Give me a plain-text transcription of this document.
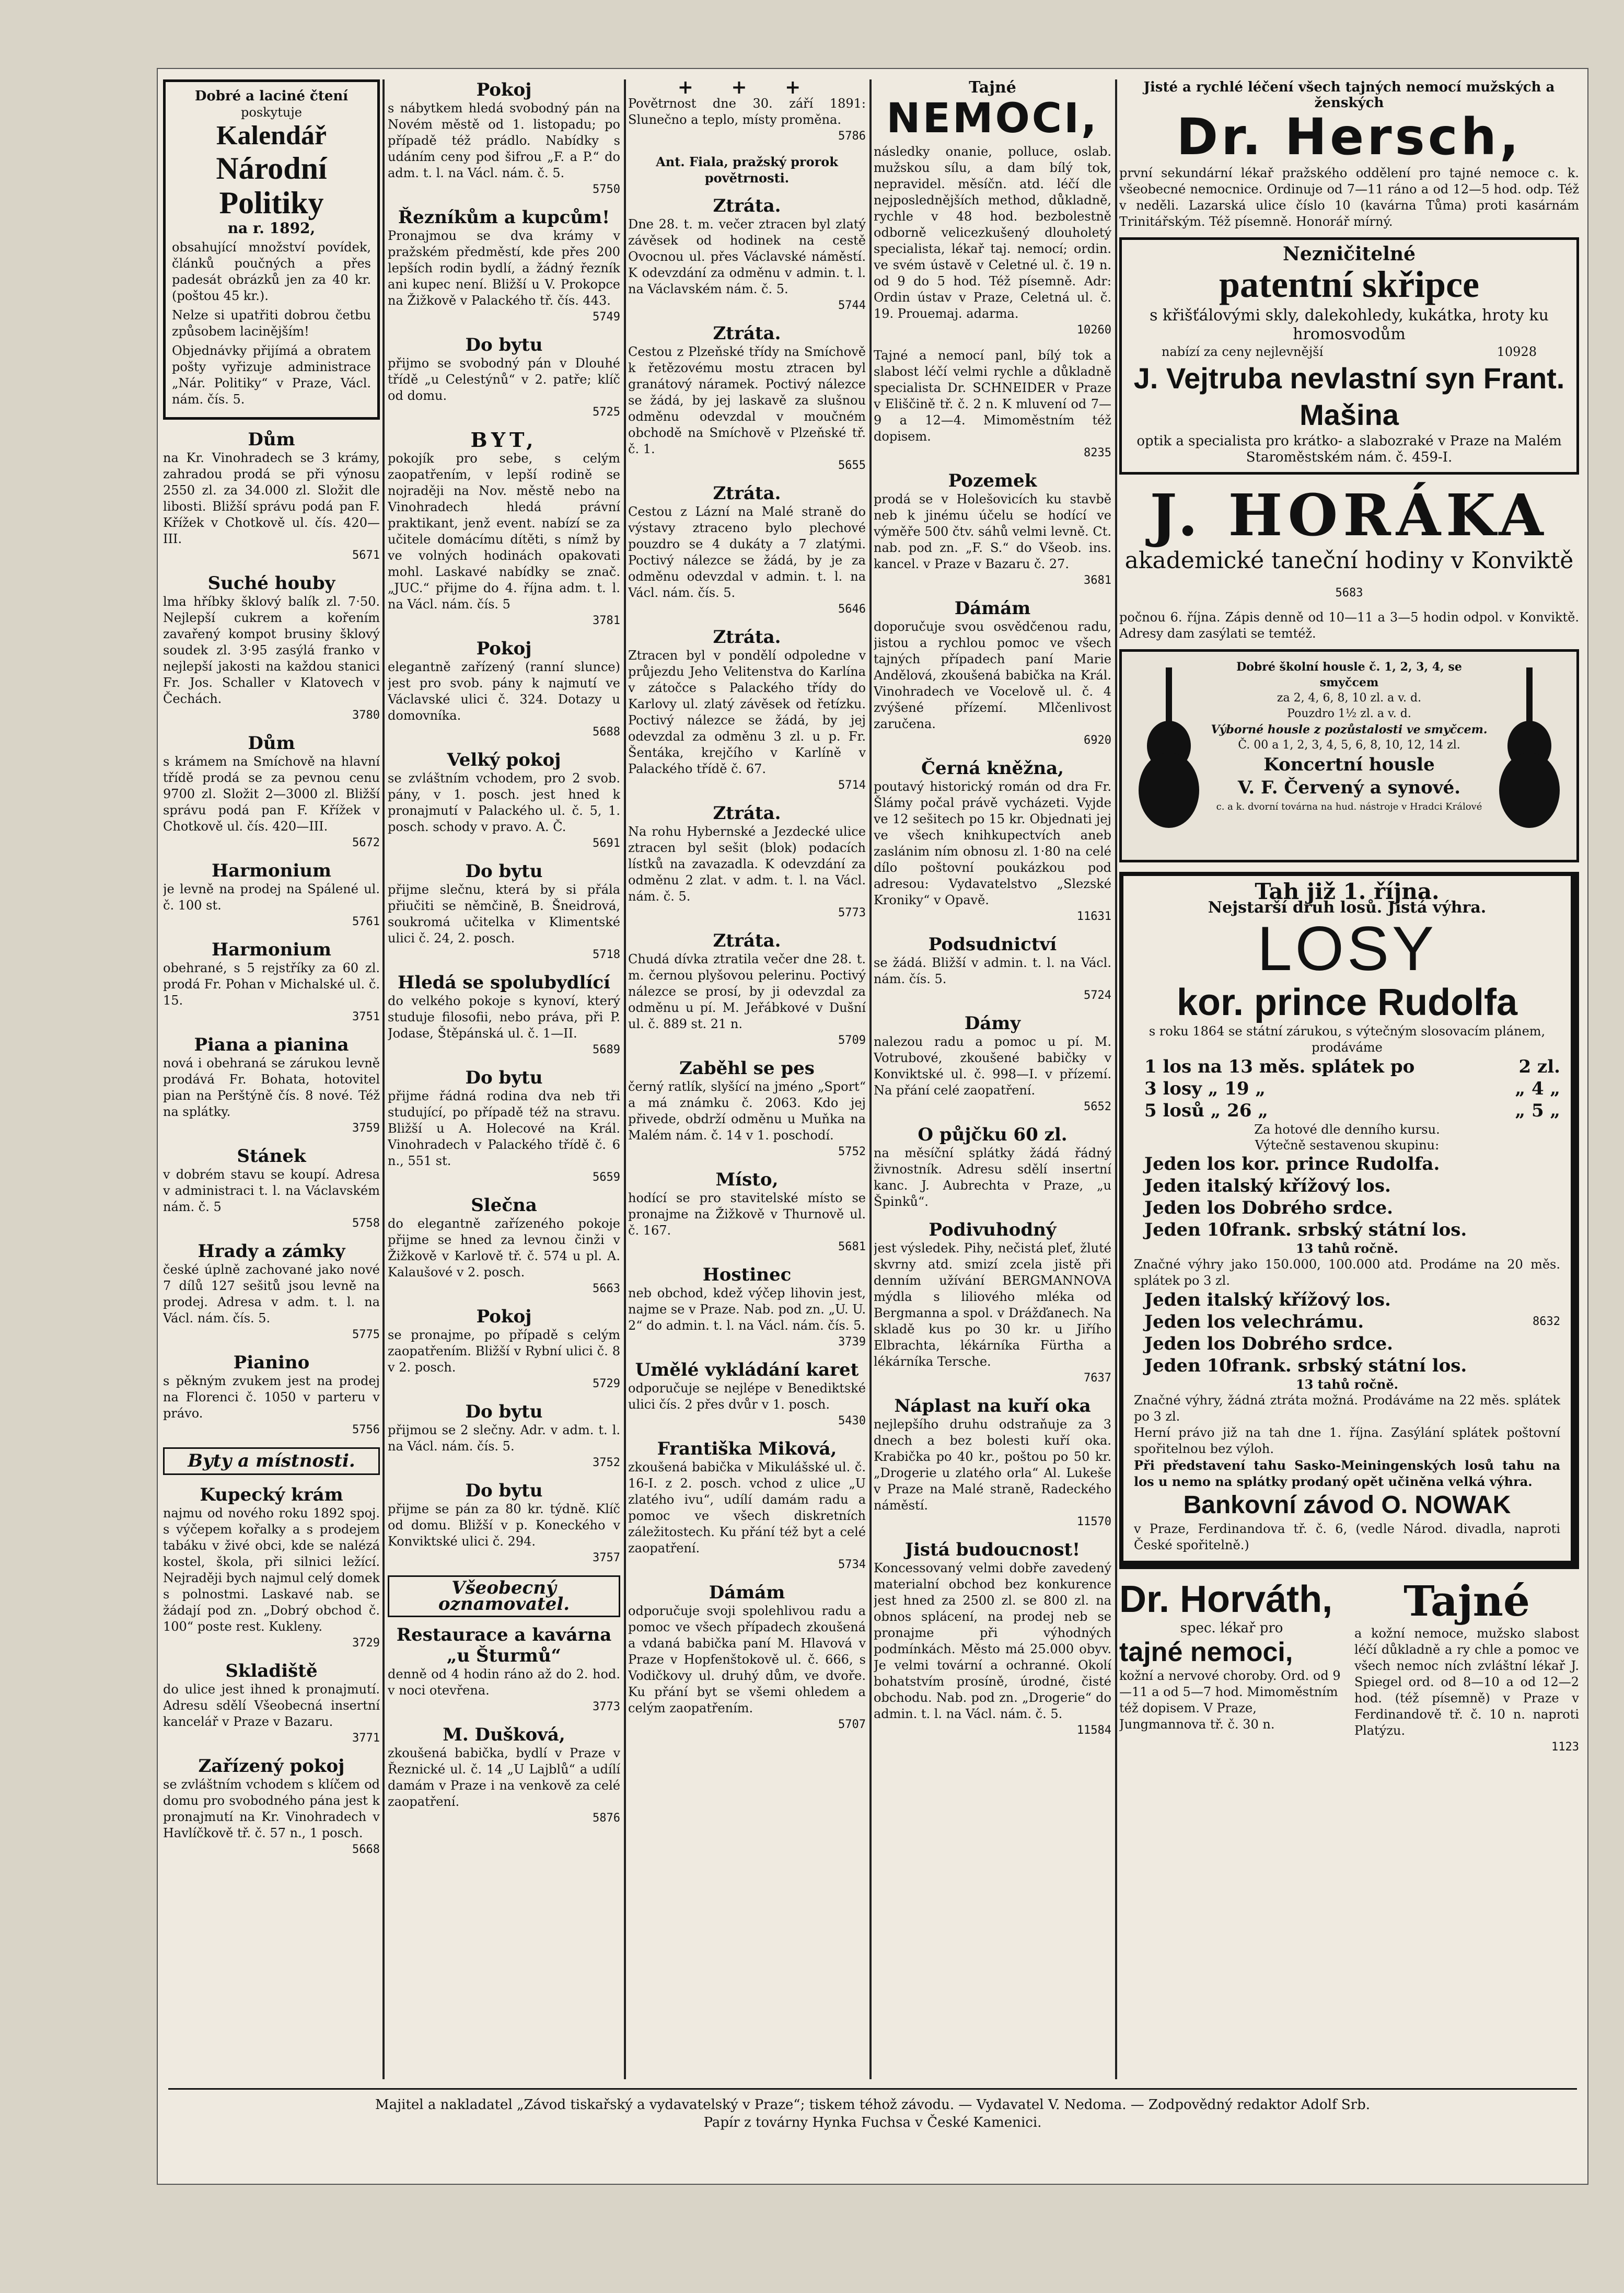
Dobré a laciné čtení
poskytuje
Kalendář
Národní Politiky
na r. 1892,

obsahující množství povídek, článků poučných a přes padesát obrázků jen za 40 kr. (poštou 45 kr.).

Nelze si upatřiti dobrou četbu způsobem lacinějším!

Objednávky přijímá a obratem pošty vyřizuje administrace „Nár. Politiky“ v Praze, Václ. nám. čís. 5.

Dům
na Kr. Vinohradech se 3 krámy, zahradou prodá se při výnosu 2550 zl. za 34.000 zl. Složit dle libosti. Bližší správu podá pan F. Křížek v Chotkově ul. čís. 420—III.
5671
Suché houby
lma hříbky šklový balík zl. 7·50. Nejlepší cukrem a kořením zavařený kompot brusiny šklový soudek zl. 3·95 zasýlá franko v nejlepší jakosti na každou stanici Fr. Jos. Schaller v Klatovech v Čechách.
3780
Dům
s krámem na Smíchově na hlavní třídě prodá se za pevnou cenu 9700 zl. Složit 2—3000 zl. Bližší správu podá pan F. Křížek v Chotkově ul. čís. 420—III.
5672
Harmonium
je levně na prodej na Spálené ul. č. 100 st.
5761
Harmonium
obehrané, s 5 rejstříky za 60 zl. prodá Fr. Pohan v Michalské ul. č. 15.
3751
Piana a pianina
nová i obehraná se zárukou levně prodává Fr. Bohata, hotovitel pian na Perštýně čís. 8 nové. Též na splátky.
3759
Stánek
v dobrém stavu se koupí. Adresa v administraci t. l. na Václavském nám. č. 5
5758
Hrady a zámky
české úplně zachované jako nové 7 dílů 127 sešitů jsou levně na prodej. Adresa v adm. t. l. na Václ. nám. čís. 5.
5775
Pianino
s pěkným zvukem jest na prodej na Florenci č. 1050 v parteru v právo.
5756
Byty a místnosti.
Kupecký krám
najmu od nového roku 1892 spoj. s výčepem kořalky a s prodejem tabáku v živé obci, kde se nalézá kostel, škola, při silnici ležící. Nejraději bych najmul celý domek s polnostmi. Laskavé nab. se žádají pod zn. „Dobrý obchod č. 100“ poste rest. Kukleny.
3729
Skladiště
do ulice jest ihned k pronajmutí. Adresu sdělí Všeobecná insertní kancelář v Praze v Bazaru.
3771
Zařízený pokoj
se zvláštním vchodem s klíčem od domu pro svobodného pána jest k pronajmutí na Kr. Vinohradech v Havlíčkově tř. č. 57 n., 1 posch.
5668
Pokoj
s nábytkem hledá svobodný pán na Novém městě od 1. listopadu; po případě též prádlo. Nabídky s udáním ceny pod šifrou „F. a P.“ do adm. t. l. na Václ. nám. č. 5.
5750
Řezníkům a kupcům!
Pronajmou se dva krámy v pražském předměstí, kde přes 200 lepších rodin bydlí, a žádný řezník ani kupec není. Bližší u V. Prokopce na Žižkově v Palackého tř. čís. 443.
5749
Do bytu
přijmo se svobodný pán v Dlouhé třídě „u Celestýnů“ v 2. patře; klíč od domu.
5725
BYT,
pokojík pro sebe, s celým zaopatřením, v lepší rodině se nojraději na Nov. městě nebo na Vinohradech hledá právní praktikant, jenž event. nabízí se za učitele domácímu dítěti, s nímž by ve volných hodinách opakovati mohl. Laskavé nabídky se znač. „JUC.“ přijme do 4. října adm. t. l. na Václ. nám. čís. 5
3781
Pokoj
elegantně zařízený (ranní slunce) jest pro svob. pány k najmutí ve Václavské ulici č. 324. Dotazy u domovníka.
5688
Velký pokoj
se zvláštním vchodem, pro 2 svob. pány, v 1. posch. jest hned k pronajmutí v Palackého ul. č. 5, 1. posch. schody v pravo. A. Č.
5691
Do bytu
přijme slečnu, která by si přála přiučiti se němčině, B. Šneidrová, soukromá učitelka v Klimentské ulici č. 24, 2. posch.
5718
Hledá se spolubydlící
do velkého pokoje s kynoví, který studuje filosofii, nebo práva, při P. Jodase, Štěpánská ul. č. 1—II.
5689
Do bytu
přijme řádná rodina dva neb tři studující, po případě též na stravu. Bližší u A. Holecové na Král. Vinohradech v Palackého třídě č. 6 n., 551 st.
5659
Slečna
do elegantně zařízeného pokoje přijme se hned za levnou činži v Žižkově v Karlově tř. č. 574 u pl. A. Kalaušové v 2. posch.
5663
Pokoj
se pronajme, po případě s celým zaopatřením. Bližší v Rybní ulici č. 8 v 2. posch.
5729
Do bytu
přijmou se 2 slečny. Adr. v adm. t. l. na Václ. nám. čís. 5.
3752
Do bytu
přijme se pán za 80 kr. týdně. Klíč od domu. Bližší v p. Koneckého v Konviktské ulici č. 294.
3757
Všeobecný oznamovatel.
Restaurace a kavárna „u Šturmů“
denně od 4 hodin ráno až do 2. hod. v noci otevřena.
3773
M. Dušková,
zkoušená babička, bydlí v Praze v Řeznické ul. č. 14 „U Lajblů“ a udílí damám v Praze i na venkově za celé zaopatření.
5876
+ + +
Povětrnost dne 30. září 1891: Slunečno a teplo, místy proměna.
5786
Ant. Fiala, pražský prorok povětrnosti.
Ztráta.
Dne 28. t. m. večer ztracen byl zlatý závěsek od hodinek na cestě Ovocnou ul. přes Václavské náměstí. K odevzdání za odměnu v admin. t. l. na Václavském nám. č. 5.
5744
Ztráta.
Cestou z Plzeňské třídy na Smíchově k řetězovému mostu ztracen byl granátový náramek. Poctivý nálezce se žádá, by jej laskavě za slušnou odměnu odevzdal v moučném obchodě na Smíchově v Plzeňské tř. č. 1.
5655
Ztráta.
Cestou z Lázní na Malé straně do výstavy ztraceno bylo plechové pouzdro se 4 dukáty a 7 zlatými. Poctivý nálezce se žádá, by je za odměnu odevzdal v admin. t. l. na Václ. nám. čís. 5.
5646
Ztráta.
Ztracen byl v pondělí odpoledne v průjezdu Jeho Velitenstva do Karlína v zátočce s Palackého třídy do Karlovy ul. zlatý závěsek od řetízku. Poctivý nálezce se žádá, by jej odevzdal za odměnu 3 zl. u p. Fr. Šentáka, krejčího v Karlíně v Palackého třídě č. 67.
5714
Ztráta.
Na rohu Hybernské a Jezdecké ulice ztracen byl sešit (blok) podacích lístků na zavazadla. K odevzdání za odměnu 2 zlat. v adm. t. l. na Václ. nám. č. 5.
5773
Ztráta.
Chudá dívka ztratila večer dne 28. t. m. černou plyšovou pelerinu. Poctivý nálezce se prosí, by ji odevzdal za odměnu u pí. M. Jeřábkové v Dušní ul. č. 889 st. 21 n.
5709
Zaběhl se pes
černý ratlík, slyšící na jméno „Sport“ a má známku č. 2063. Kdo jej přivede, obdrží odměnu u Muňka na Malém nám. č. 14 v 1. poschodí.
5752
Místo,
hodící se pro stavitelské místo se pronajme na Žižkově v Thurnově ul. č. 167.
5681
Hostinec
neb obchod, kdež výčep lihovin jest, najme se v Praze. Nab. pod zn. „U. U. 2“ do admin. t. l. na Václ. nám. čís. 5.
3739
Umělé vykládání karet
odporučuje se nejlépe v Benediktské ulici čís. 2 přes dvůr v 1. posch.
5430
Františka Miková,
zkoušená babička v Mikulášské ul. č. 16-I. z 2. posch. vchod z ulice „U zlatého ivu“, udílí damám radu a pomoc ve všech diskretních záležitostech. Ku přání též byt a celé zaopatření.
5734
Dámám
odporučuje svoji spolehlivou radu a pomoc ve všech případech zkoušená a vdaná babička paní M. Hlavová v Praze v Hopfenštokově ul. č. 666, s Vodičkovy ul. druhý dům, ve dvoře. Ku přání byt se všemi ohledem a celým zaopatřením.
5707
Tajné
NEMOCI,

následky onanie, polluce, oslab. mužskou sílu, a dam bílý tok, nepravidel. měsíčn. atd. léčí dle nejposlednějších method, důkladně, rychle v 48 hod. bezbolestně odborně velicezkušený dlouholetý specialista, lékař taj. nemocí; ordin. ve svém ústavě v Celetné ul. č. 19 n. od 9 do 5 hod. Též písemně. Adr: Ordin ústav v Praze, Celetná ul. č. 19. Prouemaj. adarma.

10260
Tajné a nemocí panl, bílý tok a slabost léčí velmi rychle a důkladně specialista Dr. SCHNEIDER v Praze v Eliščině tř. č. 2 n. K mluvení od 7—9 a 12—4. Mimoměstním též dopisem.
8235
Pozemek
prodá se v Holešovicích ku stavbě neb k jinému účelu se hodící ve výměře 500 čtv. sáhů velmi levně. Ct. nab. pod zn. „F. S.“ do Všeob. ins. kancel. v Praze v Bazaru č. 27.
3681
Dámám
doporučuje svou osvědčenou radu, jistou a rychlou pomoc ve všech tajných případech paní Marie Andělová, zkoušená babička na Král. Vinohradech ve Vocelově ul. č. 4 zvýšené přízemí. Mlčenlivost zaručena.
6920
Černá kněžna,
poutavý historický román od dra Fr. Šlámy počal právě vycházeti. Vyjde ve 12 sešitech po 15 kr. Objednati jej ve všech knihkupectvích aneb zaslánim ním obnosu zl. 1·80 na celé dílo poštovní poukázkou pod adresou: Vydavatelstvo „Slezské Kroniky“ v Opavě.
11631
Podsudnictví
se žádá. Bližší v admin. t. l. na Václ. nám. čís. 5.
5724
Dámy
nalezou radu a pomoc u pí. M. Votrubové, zkoušené babičky v Konviktské ul. č. 998—I. v přízemí. Na přání celé zaopatření.
5652
O půjčku 60 zl.
na měsíční splátky žádá řádný živnostník. Adresu sdělí insertní kanc. J. Aubrechta v Praze, „u Špinků“.
Podivuhodný
jest výsledek. Pihy, nečistá pleť, žluté skvrny atd. smizí zcela jistě při denním užívání BERGMANNOVA mýdla s liliového mléka od Bergmanna a spol. v Drážďanech. Na skladě kus po 30 kr. u Jiřího Elbrachta, lékárníka Fürtha a lékárníka Tersche.
7637
Náplast na kuří oka
nejlepšího druhu odstraňuje za 3 dnech a bez bolesti kuří oka. Krabička po 40 kr., poštou po 50 kr. „Drogerie u zlatého orla“ Al. Lukeše v Praze na Malé straně, Radeckého náměstí.
11570
Jistá budoucnost!
Koncessovaný velmi dobře zavedený materialní obchod bez konkurence jest hned za 2500 zl. se 800 zl. na obnos splácení, na prodej neb se pronajme při výhodných podmínkách. Město má 25.000 obyv. Je velmi tovární a ochranné. Okolí bohatstvím prosíně, úrodné, čisté obchodu. Nab. pod zn. „Drogerie“ do admin. t. l. na Václ. nám. č. 5.
11584
Jisté a rychlé léčení všech tajných nemocí mužských a ženských
Dr. Hersch,

první sekundární lékař pražského oddělení pro tajné nemoce c. k. všeobecné nemocnice. Ordinuje od 7—11 ráno a od 12—5 hod. odp. Též v neděli. Lazarská ulice číslo 10 (kavárna Tůma) proti kasárnám Trinitářským. Též písemně. Honorář mírný.

Nezničitelné
patentní skřipce
s křišťálovými skly, dalekohledy, kukátka, hroty ku hromosvodům
nabízí za ceny nejlevnější	10928
J. Vejtruba nevlastní syn Frant. Mašina
optik a specialista pro krátko- a slabozraké v Praze na Malém Staroměstském nám. č. 459-I.
J. HORÁKA
akademické taneční hodiny v Konviktě 5683

počnou 6. října. Zápis denně od 10—11 a 3—5 hodin odpol. v Konviktě. Adresy dam zasýlati se temtéž.

Dobré školní housle č. 1, 2, 3, 4, se smyčcem
za 2, 4, 6, 8, 10 zl. a v. d.
Pouzdro 1½ zl. a v. d.
Výborné housle z pozůstalosti ve smyčcem.
Č. 00 a 1, 2, 3, 4, 5, 6, 8, 10, 12, 14 zl.
Koncertní housle
V. F. Červený a synové.
c. a k. dvorní továrna na hud. nástroje v Hradci Králové
Tah již 1. října.
Nejstarší druh losů. Jistá výhra.
LOSY
kor. prince Rudolfa
s roku 1864 se státní zárukou, s výtečným slosovacím plánem, prodáváme
1 los na 13 měs. splátek po	2 zl.
3 losy „ 19 „	„ 4 „
5 losů „ 26 „	„ 5 „
Za hotové dle denního kursu.
Výtečně sestavenou skupinu:
Jeden los kor. prince Rudolfa.
Jeden italský křížový los.
Jeden los Dobrého srdce.
Jeden 10frank. srbský státní los.
13 tahů ročně.
Značné výhry jako 150.000, 100.000 atd. Prodáme na 20 měs. splátek po 3 zl.
Jeden italský křížový los.
Jeden los velechrámu.	8632
Jeden los Dobrého srdce.
Jeden 10frank. srbský státní los.
13 tahů ročně.
Značné výhry, žádná ztráta možná. Prodáváme na 22 měs. splátek po 3 zl.
Herní právo již na tah dne 1. října. Zasýlání splátek poštovní spořitelnou bez výloh.
Při představení tahu Sasko-Meiningenských losů tahu na los u nemo na splátky prodaný opět učiněna velká výhra.
Bankovní závod O. NOWAK
v Praze, Ferdinandova tř. č. 6, (vedle Národ. divadla, naproti České spořitelně.)
Dr. Horváth,
spec. lékař pro
tajné nemoci,
kožní a nervové choroby. Ord. od 9—11 a od 5—7 hod. Mimoměstním též dopisem. V Praze, Jungmannova tř. č. 30 n.
Tajné

a kožní nemoce, mužsko slabost léčí důkladně a ry chle a pomoc ve všech nemoc ních zvláštní lékař J. Spiegel ord. od 8—10 a od 12—2 hod. (též písemně) v Praze v Ferdinandově tř. č. 10 n. naproti Platýzu.

1123
Majitel a nakladatel „Závod tiskařský a vydavatelský v Praze“; tiskem téhož závodu. — Vydavatel V. Nedoma. — Zodpovědný redaktor Adolf Srb.
Papír z továrny Hynka Fuchsa v České Kamenici.
